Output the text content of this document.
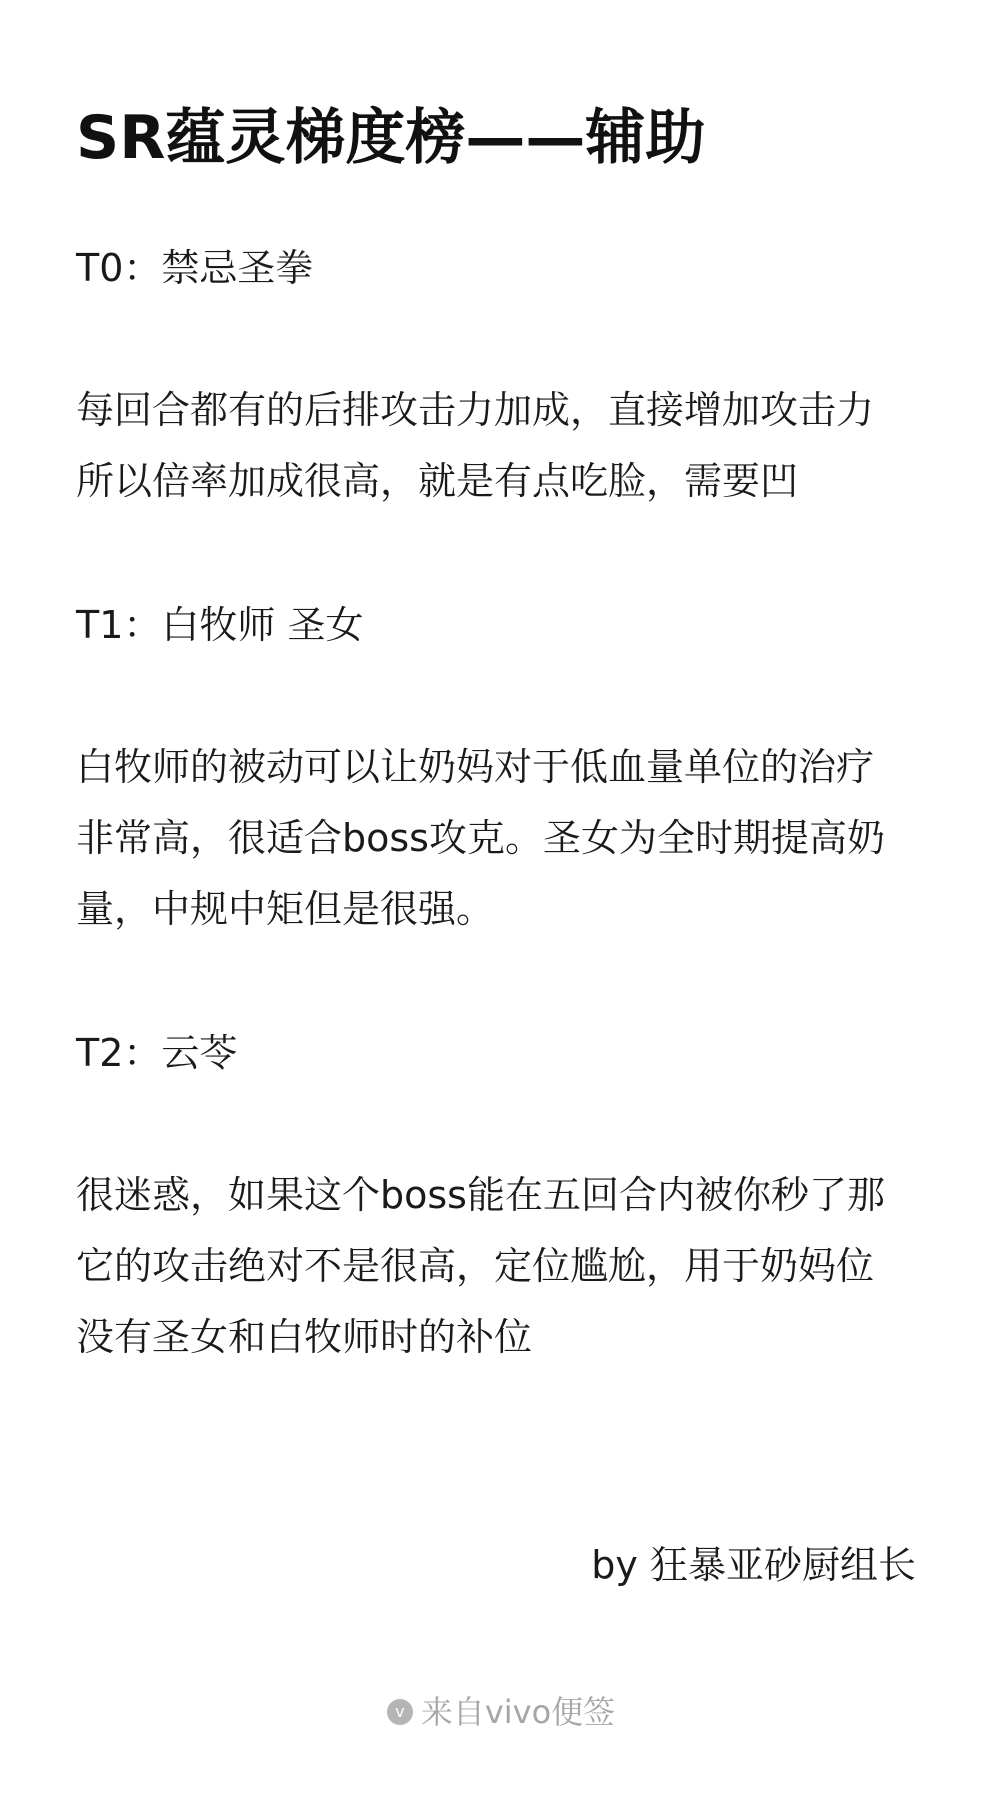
SR蕴灵梯度榜——辅助

T0：禁忌圣拳

每回合都有的后排攻击力加成，直接增加攻击力

所以倍率加成很高，就是有点吃脸，需要凹

T1：白牧师 圣女

白牧师的被动可以让奶妈对于低血量单位的治疗

非常高，很适合boss攻克。圣女为全时期提高奶

量，中规中矩但是很强。

T2：云苓

很迷惑，如果这个boss能在五回合内被你秒了那

它的攻击绝对不是很高，定位尴尬，用于奶妈位

没有圣女和白牧师时的补位

by 狂暴亚砂厨组长

v 来自vivo便签
